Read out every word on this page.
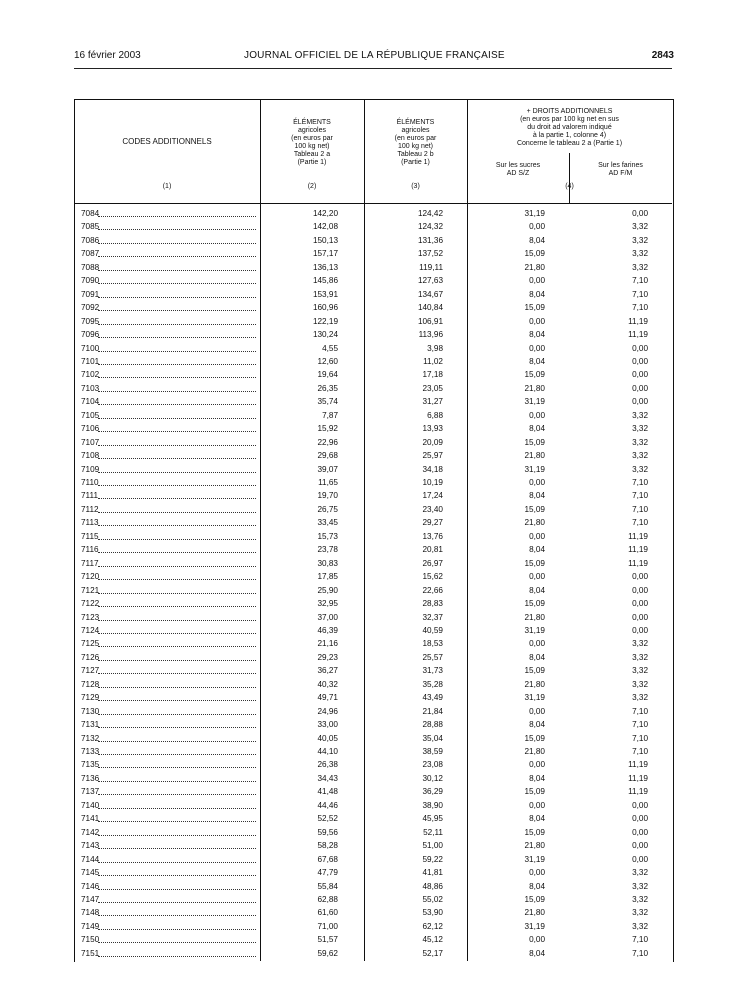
16 février 2003	JOURNAL OFFICIEL DE LA RÉPUBLIQUE FRANÇAISE	2843
CODES ADDITIONNELS
ÉLÉMENTS
agricoles
(en euros par
100 kg net)
Tableau 2 a
(Partie 1)
ÉLÉMENTS
agricoles
(en euros par
100 kg net)
Tableau 2 b
(Partie 1)
+ DROITS ADDITIONNELS
(en euros par 100 kg net en sus
du droit ad valorem indiqué
à la partie 1, colonne 4)
Concerne le tableau 2 a (Partie 1)
Sur les sucres
AD S/Z
Sur les farines
AD F/M
(1)	(2)	(3)	(4)
7084	142,20	124,42	31,19	0,00
7085	142,08	124,32	0,00	3,32
7086	150,13	131,36	8,04	3,32
7087	157,17	137,52	15,09	3,32
7088	136,13	119,11	21,80	3,32
7090	145,86	127,63	0,00	7,10
7091	153,91	134,67	8,04	7,10
7092	160,96	140,84	15,09	7,10
7095	122,19	106,91	0,00	11,19
7096	130,24	113,96	8,04	11,19
7100	4,55	3,98	0,00	0,00
7101	12,60	11,02	8,04	0,00
7102	19,64	17,18	15,09	0,00
7103	26,35	23,05	21,80	0,00
7104	35,74	31,27	31,19	0,00
7105	7,87	6,88	0,00	3,32
7106	15,92	13,93	8,04	3,32
7107	22,96	20,09	15,09	3,32
7108	29,68	25,97	21,80	3,32
7109	39,07	34,18	31,19	3,32
7110	11,65	10,19	0,00	7,10
7111	19,70	17,24	8,04	7,10
7112	26,75	23,40	15,09	7,10
7113	33,45	29,27	21,80	7,10
7115	15,73	13,76	0,00	11,19
7116	23,78	20,81	8,04	11,19
7117	30,83	26,97	15,09	11,19
7120	17,85	15,62	0,00	0,00
7121	25,90	22,66	8,04	0,00
7122	32,95	28,83	15,09	0,00
7123	37,00	32,37	21,80	0,00
7124	46,39	40,59	31,19	0,00
7125	21,16	18,53	0,00	3,32
7126	29,23	25,57	8,04	3,32
7127	36,27	31,73	15,09	3,32
7128	40,32	35,28	21,80	3,32
7129	49,71	43,49	31,19	3,32
7130	24,96	21,84	0,00	7,10
7131	33,00	28,88	8,04	7,10
7132	40,05	35,04	15,09	7,10
7133	44,10	38,59	21,80	7,10
7135	26,38	23,08	0,00	11,19
7136	34,43	30,12	8,04	11,19
7137	41,48	36,29	15,09	11,19
7140	44,46	38,90	0,00	0,00
7141	52,52	45,95	8,04	0,00
7142	59,56	52,11	15,09	0,00
7143	58,28	51,00	21,80	0,00
7144	67,68	59,22	31,19	0,00
7145	47,79	41,81	0,00	3,32
7146	55,84	48,86	8,04	3,32
7147	62,88	55,02	15,09	3,32
7148	61,60	53,90	21,80	3,32
7149	71,00	62,12	31,19	3,32
7150	51,57	45,12	0,00	7,10
7151	59,62	52,17	8,04	7,10
